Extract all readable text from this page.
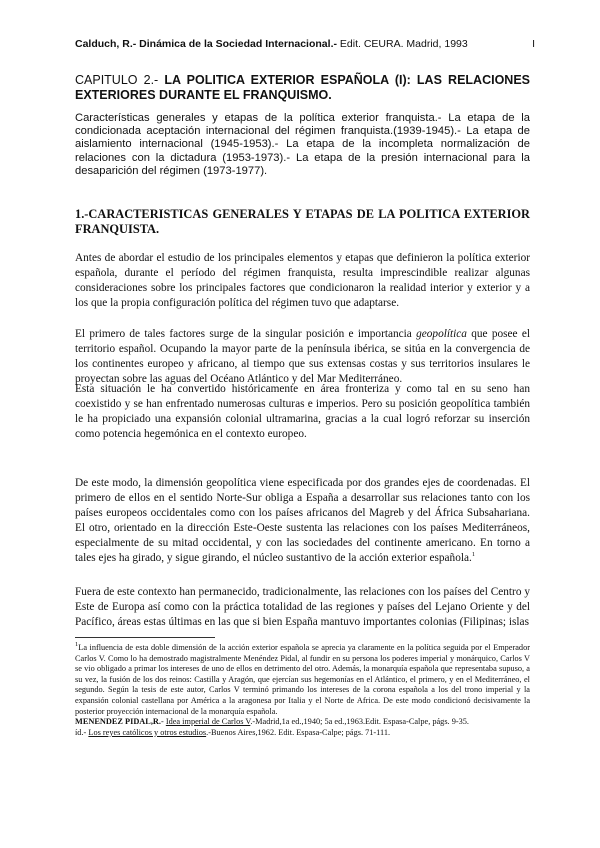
Calduch, R.- Dinámica de la Sociedad Internacional.- Edit. CEURA. Madrid, 1993	I
CAPITULO 2.- LA POLITICA EXTERIOR ESPAÑOLA (I): LAS RELACIONES EXTERIORES DURANTE EL FRANQUISMO.
Características generales y etapas de la política exterior franquista.- La etapa de la condicionada aceptación internacional del régimen franquista.(1939-1945).- La etapa de aislamiento internacional (1945-1953).- La etapa de la incompleta normalización de relaciones con la dictadura (1953-1973).- La etapa de la presión internacional para la desaparición del régimen (1973-1977).
1.-CARACTERISTICAS GENERALES Y ETAPAS DE LA POLITICA EXTERIOR FRANQUISTA.
Antes de abordar el estudio de los principales elementos y etapas que definieron la política exterior española, durante el período del régimen franquista, resulta imprescindible realizar algunas consideraciones sobre los principales factores que condicionaron la realidad interior y exterior y a los que la propia configuración política del régimen tuvo que adaptarse.
El primero de tales factores surge de la singular posición e importancia geopolítica que posee el territorio español. Ocupando la mayor parte de la península ibérica, se sitúa en la convergencia de los continentes europeo y africano, al tiempo que sus extensas costas y sus territorios insulares le proyectan sobre las aguas del Océano Atlántico y del Mar Mediterráneo.
Esta situación le ha convertido históricamente en área fronteriza y como tal en su seno han coexistido y se han enfrentado numerosas culturas e imperios. Pero su posición geopolítica también le ha propiciado una expansión colonial ultramarina, gracias a la cual logró reforzar su inserción como potencia hegemónica en el contexto europeo.
De este modo, la dimensión geopolítica viene especificada por dos grandes ejes de coordenadas. El primero de ellos en el sentido Norte-Sur obliga a España a desarrollar sus relaciones tanto con los países europeos occidentales como con los países africanos del Magreb y del África Subsahariana. El otro, orientado en la dirección Este-Oeste sustenta las relaciones con los países Mediterráneos, especialmente de su mitad occidental, y con las sociedades del continente americano. En torno a tales ejes ha girado, y sigue girando, el núcleo sustantivo de la acción exterior española.$^1$
Fuera de este contexto han permanecido, tradicionalmente, las relaciones con los países del Centro y Este de Europa así como con la práctica totalidad de las regiones y países del Lejano Oriente y del Pacífico, áreas estas últimas en las que si bien España mantuvo importantes colonias (Filipinas; islas
$^1$La influencia de esta doble dimensión de la acción exterior española se aprecia ya claramente en la política seguida por el Emperador Carlos V. Como lo ha demostrado magistralmente Menéndez Pidal, al fundir en su persona los poderes imperial y monárquico, Carlos V se vio obligado a primar los intereses de uno de ellos en detrimento del otro. Además, la monarquía española que representaba supuso, a su vez, la fusión de los dos reinos: Castilla y Aragón, que ejercían sus hegemonías en el Atlántico, el primero, y en el Mediterráneo, el segundo. Según la tesis de este autor, Carlos V terminó primando los intereses de la corona española a los del trono imperial y la expansión colonial castellana por América a la aragonesa por Italia y el Norte de Africa. De este modo condicionó decisivamente la posterior proyección internacional de la monarquía española.
MENENDEZ PIDAL,R.- Idea imperial de Carlos V.-Madrid,1a ed.,1940; 5a ed.,1963.Edit. Espasa-Calpe, págs. 9-35.
íd.- Los reyes católicos y otros estudios.-Buenos Aires,1962. Edit. Espasa-Calpe; págs. 71-111.
